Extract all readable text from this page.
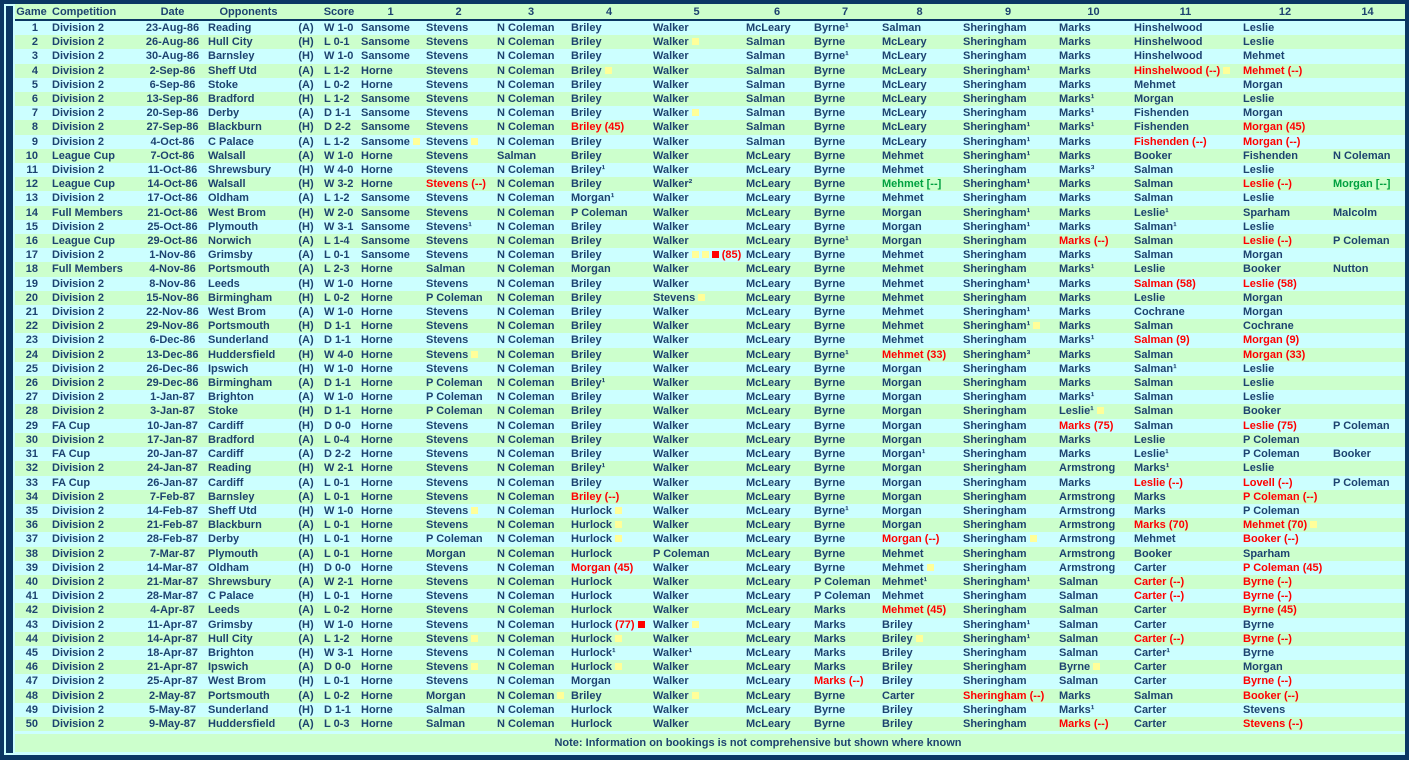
Game	Competition	Date	Opponents		Score	1	2	3	4	5	6	7	8	9	10	11	12	14
1	Division 2	23-Aug-86	Reading	(A)	W 1-0	Sansome	Stevens	N Coleman	Briley	Walker	McLeary	Byrne¹	Salman	Sheringham	Marks	Hinshelwood	Leslie	
2	Division 2	26-Aug-86	Hull City	(H)	L 0-1	Sansome	Stevens	N Coleman	Briley	Walker	Salman	Byrne	McLeary	Sheringham	Marks	Hinshelwood	Leslie	
3	Division 2	30-Aug-86	Barnsley	(H)	W 1-0	Sansome	Stevens	N Coleman	Briley	Walker	Salman	Byrne¹	McLeary	Sheringham	Marks	Hinshelwood	Mehmet	
4	Division 2	2-Sep-86	Sheff Utd	(A)	L 1-2	Horne	Stevens	N Coleman	Briley	Walker	Salman	Byrne	McLeary	Sheringham¹	Marks	Hinshelwood (--)	Mehmet (--)	
5	Division 2	6-Sep-86	Stoke	(A)	L 0-2	Horne	Stevens	N Coleman	Briley	Walker	Salman	Byrne	McLeary	Sheringham	Marks	Mehmet	Morgan	
6	Division 2	13-Sep-86	Bradford	(H)	L 1-2	Sansome	Stevens	N Coleman	Briley	Walker	Salman	Byrne	McLeary	Sheringham	Marks¹	Morgan	Leslie	
7	Division 2	20-Sep-86	Derby	(A)	D 1-1	Sansome	Stevens	N Coleman	Briley	Walker	Salman	Byrne	McLeary	Sheringham	Marks¹	Fishenden	Morgan	
8	Division 2	27-Sep-86	Blackburn	(H)	D 2-2	Sansome	Stevens	N Coleman	Briley (45)	Walker	Salman	Byrne	McLeary	Sheringham¹	Marks¹	Fishenden	Morgan (45)	
9	Division 2	4-Oct-86	C Palace	(A)	L 1-2	Sansome	Stevens	N Coleman	Briley	Walker	Salman	Byrne	McLeary	Sheringham¹	Marks	Fishenden (--)	Morgan (--)	
10	League Cup	7-Oct-86	Walsall	(A)	W 1-0	Horne	Stevens	Salman	Briley	Walker	McLeary	Byrne	Mehmet	Sheringham¹	Marks	Booker	Fishenden	N Coleman
11	Division 2	11-Oct-86	Shrewsbury	(H)	W 4-0	Horne	Stevens	N Coleman	Briley¹	Walker	McLeary	Byrne	Mehmet	Sheringham	Marks³	Salman	Leslie	
12	League Cup	14-Oct-86	Walsall	(H)	W 3-2	Horne	Stevens (--)	N Coleman	Briley	Walker²	McLeary	Byrne	Mehmet [--]	Sheringham¹	Marks	Salman	Leslie (--)	Morgan [--]
13	Division 2	17-Oct-86	Oldham	(A)	L 1-2	Sansome	Stevens	N Coleman	Morgan¹	Walker	McLeary	Byrne	Mehmet	Sheringham	Marks	Salman	Leslie	
14	Full Members	21-Oct-86	West Brom	(H)	W 2-0	Sansome	Stevens	N Coleman	P Coleman	Walker	McLeary	Byrne	Morgan	Sheringham¹	Marks	Leslie¹	Sparham	Malcolm
15	Division 2	25-Oct-86	Plymouth	(H)	W 3-1	Sansome	Stevens¹	N Coleman	Briley	Walker	McLeary	Byrne	Morgan	Sheringham¹	Marks	Salman¹	Leslie	
16	League Cup	29-Oct-86	Norwich	(A)	L 1-4	Sansome	Stevens	N Coleman	Briley	Walker	McLeary	Byrne¹	Morgan	Sheringham	Marks (--)	Salman	Leslie (--)	P Coleman
17	Division 2	1-Nov-86	Grimsby	(A)	L 0-1	Sansome	Stevens	N Coleman	Briley	Walker (85)	McLeary	Byrne	Mehmet	Sheringham	Marks	Salman	Morgan	
18	Full Members	4-Nov-86	Portsmouth	(A)	L 2-3	Horne	Salman	N Coleman	Morgan	Walker	McLeary	Byrne	Mehmet	Sheringham	Marks¹	Leslie	Booker	Nutton
19	Division 2	8-Nov-86	Leeds	(H)	W 1-0	Horne	Stevens	N Coleman	Briley	Walker	McLeary	Byrne	Mehmet	Sheringham¹	Marks	Salman (58)	Leslie (58)	
20	Division 2	15-Nov-86	Birmingham	(H)	L 0-2	Horne	P Coleman	N Coleman	Briley	Stevens	McLeary	Byrne	Mehmet	Sheringham	Marks	Leslie	Morgan	
21	Division 2	22-Nov-86	West Brom	(A)	W 1-0	Horne	Stevens	N Coleman	Briley	Walker	McLeary	Byrne	Mehmet	Sheringham¹	Marks	Cochrane	Morgan	
22	Division 2	29-Nov-86	Portsmouth	(H)	D 1-1	Horne	Stevens	N Coleman	Briley	Walker	McLeary	Byrne	Mehmet	Sheringham¹	Marks	Salman	Cochrane	
23	Division 2	6-Dec-86	Sunderland	(A)	D 1-1	Horne	Stevens	N Coleman	Briley	Walker	McLeary	Byrne	Mehmet	Sheringham	Marks¹	Salman (9)	Morgan (9)	
24	Division 2	13-Dec-86	Huddersfield	(H)	W 4-0	Horne	Stevens	N Coleman	Briley	Walker	McLeary	Byrne¹	Mehmet (33)	Sheringham³	Marks	Salman	Morgan (33)	
25	Division 2	26-Dec-86	Ipswich	(H)	W 1-0	Horne	Stevens	N Coleman	Briley	Walker	McLeary	Byrne	Morgan	Sheringham	Marks	Salman¹	Leslie	
26	Division 2	29-Dec-86	Birmingham	(A)	D 1-1	Horne	P Coleman	N Coleman	Briley¹	Walker	McLeary	Byrne	Morgan	Sheringham	Marks	Salman	Leslie	
27	Division 2	1-Jan-87	Brighton	(A)	W 1-0	Horne	P Coleman	N Coleman	Briley	Walker	McLeary	Byrne	Morgan	Sheringham	Marks¹	Salman	Leslie	
28	Division 2	3-Jan-87	Stoke	(H)	D 1-1	Horne	P Coleman	N Coleman	Briley	Walker	McLeary	Byrne	Morgan	Sheringham	Leslie¹	Salman	Booker	
29	FA Cup	10-Jan-87	Cardiff	(H)	D 0-0	Horne	Stevens	N Coleman	Briley	Walker	McLeary	Byrne	Morgan	Sheringham	Marks (75)	Salman	Leslie (75)	P Coleman
30	Division 2	17-Jan-87	Bradford	(A)	L 0-4	Horne	Stevens	N Coleman	Briley	Walker	McLeary	Byrne	Morgan	Sheringham	Marks	Leslie	P Coleman	
31	FA Cup	20-Jan-87	Cardiff	(A)	D 2-2	Horne	Stevens	N Coleman	Briley	Walker	McLeary	Byrne	Morgan¹	Sheringham	Marks	Leslie¹	P Coleman	Booker
32	Division 2	24-Jan-87	Reading	(H)	W 2-1	Horne	Stevens	N Coleman	Briley¹	Walker	McLeary	Byrne	Morgan	Sheringham	Armstrong	Marks¹	Leslie	
33	FA Cup	26-Jan-87	Cardiff	(A)	L 0-1	Horne	Stevens	N Coleman	Briley	Walker	McLeary	Byrne	Morgan	Sheringham	Marks	Leslie (--)	Lovell (--)	P Coleman
34	Division 2	7-Feb-87	Barnsley	(A)	L 0-1	Horne	Stevens	N Coleman	Briley (--)	Walker	McLeary	Byrne	Morgan	Sheringham	Armstrong	Marks	P Coleman (--)	
35	Division 2	14-Feb-87	Sheff Utd	(H)	W 1-0	Horne	Stevens	N Coleman	Hurlock	Walker	McLeary	Byrne¹	Morgan	Sheringham	Armstrong	Marks	P Coleman	
36	Division 2	21-Feb-87	Blackburn	(A)	L 0-1	Horne	Stevens	N Coleman	Hurlock	Walker	McLeary	Byrne	Morgan	Sheringham	Armstrong	Marks (70)	Mehmet (70)	
37	Division 2	28-Feb-87	Derby	(H)	L 0-1	Horne	P Coleman	N Coleman	Hurlock	Walker	McLeary	Byrne	Morgan (--)	Sheringham	Armstrong	Mehmet	Booker (--)	
38	Division 2	7-Mar-87	Plymouth	(A)	L 0-1	Horne	Morgan	N Coleman	Hurlock	P Coleman	McLeary	Byrne	Mehmet	Sheringham	Armstrong	Booker	Sparham	
39	Division 2	14-Mar-87	Oldham	(H)	D 0-0	Horne	Stevens	N Coleman	Morgan (45)	Walker	McLeary	Byrne	Mehmet	Sheringham	Armstrong	Carter	P Coleman (45)	
40	Division 2	21-Mar-87	Shrewsbury	(A)	W 2-1	Horne	Stevens	N Coleman	Hurlock	Walker	McLeary	P Coleman	Mehmet¹	Sheringham¹	Salman	Carter (--)	Byrne (--)	
41	Division 2	28-Mar-87	C Palace	(H)	L 0-1	Horne	Stevens	N Coleman	Hurlock	Walker	McLeary	P Coleman	Mehmet	Sheringham	Salman	Carter (--)	Byrne (--)	
42	Division 2	4-Apr-87	Leeds	(A)	L 0-2	Horne	Stevens	N Coleman	Hurlock	Walker	McLeary	Marks	Mehmet (45)	Sheringham	Salman	Carter	Byrne (45)	
43	Division 2	11-Apr-87	Grimsby	(H)	W 1-0	Horne	Stevens	N Coleman	Hurlock (77)	Walker	McLeary	Marks	Briley	Sheringham¹	Salman	Carter	Byrne	
44	Division 2	14-Apr-87	Hull City	(A)	L 1-2	Horne	Stevens	N Coleman	Hurlock	Walker	McLeary	Marks	Briley	Sheringham¹	Salman	Carter (--)	Byrne (--)	
45	Division 2	18-Apr-87	Brighton	(H)	W 3-1	Horne	Stevens	N Coleman	Hurlock¹	Walker¹	McLeary	Marks	Briley	Sheringham	Salman	Carter¹	Byrne	
46	Division 2	21-Apr-87	Ipswich	(A)	D 0-0	Horne	Stevens	N Coleman	Hurlock	Walker	McLeary	Marks	Briley	Sheringham	Byrne	Carter	Morgan	
47	Division 2	25-Apr-87	West Brom	(H)	L 0-1	Horne	Stevens	N Coleman	Morgan	Walker	McLeary	Marks (--)	Briley	Sheringham	Salman	Carter	Byrne (--)	
48	Division 2	2-May-87	Portsmouth	(A)	L 0-2	Horne	Morgan	N Coleman	Briley	Walker	McLeary	Byrne	Carter	Sheringham (--)	Marks	Salman	Booker (--)	
49	Division 2	5-May-87	Sunderland	(H)	D 1-1	Horne	Salman	N Coleman	Hurlock	Walker	McLeary	Byrne	Briley	Sheringham	Marks¹	Carter	Stevens	
50	Division 2	9-May-87	Huddersfield	(A)	L 0-3	Horne	Salman	N Coleman	Hurlock	Walker	McLeary	Byrne	Briley	Sheringham	Marks (--)	Carter	Stevens (--)	
Note: Information on bookings is not comprehensive but shown where known
